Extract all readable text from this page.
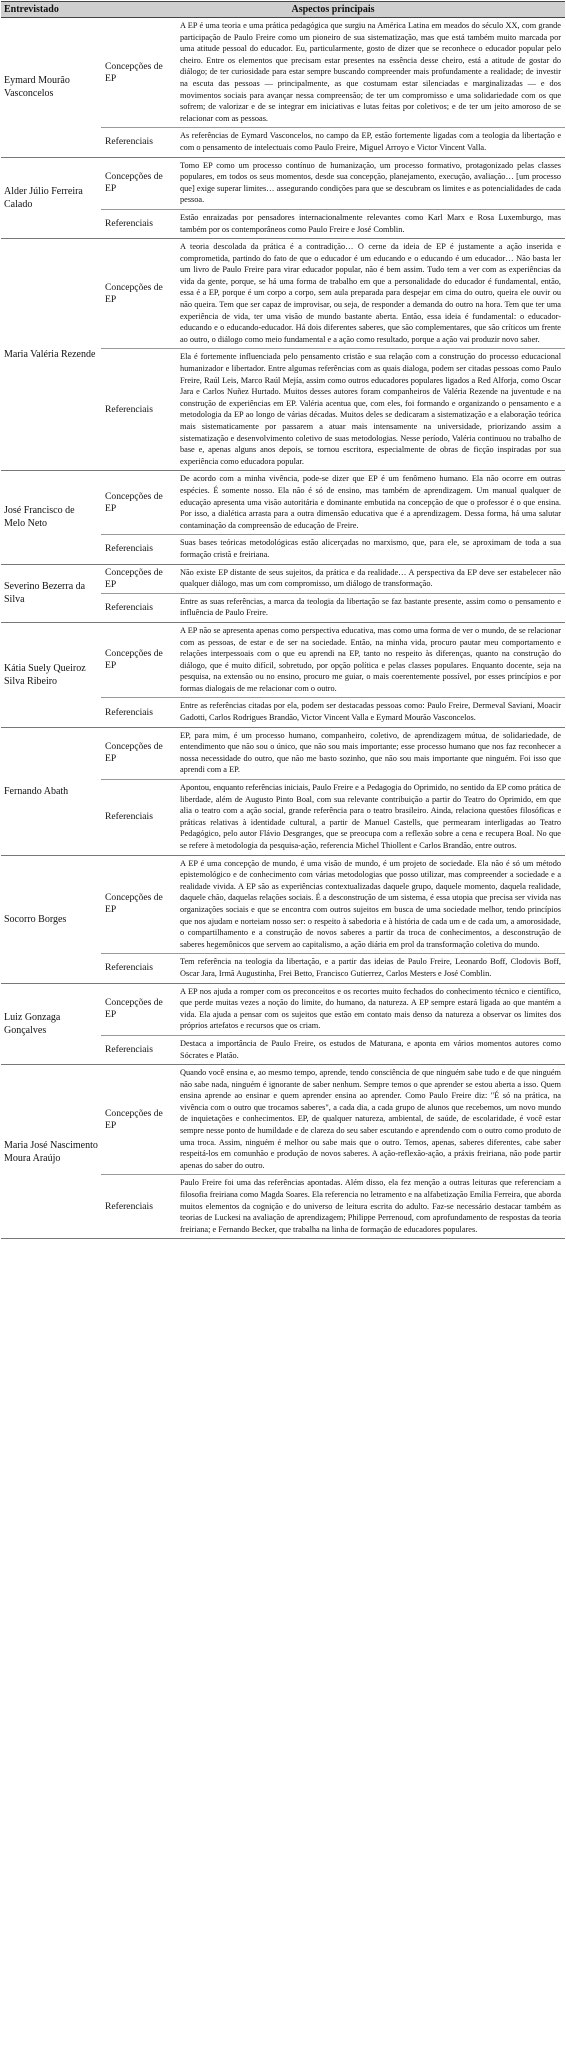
Entrevistado	Aspectos principais	
Eymard Mourão Vasconcelos	Concepções de EP	A EP é uma teoria e uma prática pedagógica que surgiu na América Latina em meados do século XX, com grande participação de Paulo Freire como um pioneiro de sua sistematização, mas que está também muito marcada por uma atitude pessoal do educador. Eu, particularmente, gosto de dizer que se reconhece o educador popular pelo cheiro. Entre os elementos que precisam estar presentes na essência desse cheiro, está a atitude de gostar do diálogo; de ter curiosidade para estar sempre buscando compreender mais profundamente a realidade; de investir na escuta das pessoas — principalmente, as que costumam estar silenciadas e marginalizadas — e dos movimentos sociais para avançar nessa compreensão; de ter um compromisso e uma solidariedade com os que sofrem; de valorizar e de se integrar em iniciativas e lutas feitas por coletivos; e de ter um jeito amoroso de se relacionar com as pessoas.
	Referenciais	As referências de Eymard Vasconcelos, no campo da EP, estão fortemente ligadas com a teologia da libertação e com o pensamento de intelectuais como Paulo Freire, Miguel Arroyo e Victor Vincent Valla.
Alder Júlio Ferreira Calado	Concepções de EP	Tomo EP como um processo contínuo de humanização, um processo formativo, protagonizado pelas classes populares, em todos os seus momentos, desde sua concepção, planejamento, execução, avaliação… [um processo que] exige superar limites… assegurando condições para que se descubram os limites e as potencialidades de cada pessoa.
	Referenciais	Estão enraizadas por pensadores internacionalmente relevantes como Karl Marx e Rosa Luxemburgo, mas também por os contemporâneos como Paulo Freire e José Comblin.
Maria Valéria Rezende	Concepções de EP	A teoria descolada da prática é a contradição… O cerne da ideia de EP é justamente a ação inserida e comprometida, partindo do fato de que o educador é um educando e o educando é um educador… Não basta ler um livro de Paulo Freire para virar educador popular, não é bem assim. Tudo tem a ver com as experiências da vida da gente, porque, se há uma forma de trabalho em que a personalidade do educador é fundamental, então, essa é a EP, porque é um corpo a corpo, sem aula preparada para despejar em cima do outro, queira ele ouvir ou não queira. Tem que ser capaz de improvisar, ou seja, de responder a demanda do outro na hora. Tem que ter uma experiência de vida, ter uma visão de mundo bastante aberta. Então, essa ideia é fundamental: o educador-educando e o educando-educador. Há dois diferentes saberes, que são complementares, que são críticos um frente ao outro, o diálogo como meio fundamental e a ação como resultado, porque a ação vai produzir novo saber.
	Referenciais	Ela é fortemente influenciada pelo pensamento cristão e sua relação com a construção do processo educacional humanizador e libertador. Entre algumas referências com as quais dialoga, podem ser citadas pessoas como Paulo Freire, Raúl Leis, Marco Raúl Mejía, assim como outros educadores populares ligados a Red Alforja, como Oscar Jara e Carlos Nuñez Hurtado. Muitos desses autores foram companheiros de Valéria Rezende na juventude e na construção de experiências em EP. Valéria acentua que, com eles, foi formando e organizando o pensamento e a metodologia da EP ao longo de várias décadas. Muitos deles se dedicaram a sistematização e a elaboração teórica mais sistematicamente por passarem a atuar mais intensamente na universidade, priorizando assim a sistematização e desenvolvimento coletivo de suas metodologias. Nesse período, Valéria continuou no trabalho de base e, apenas alguns anos depois, se tornou escritora, especialmente de obras de ficção inspiradas por sua experiência como educadora popular.
José Francisco de Melo Neto	Concepções de EP	De acordo com a minha vivência, pode-se dizer que EP é um fenômeno humano. Ela não ocorre em outras espécies. É somente nosso. Ela não é só de ensino, mas também de aprendizagem. Um manual qualquer de educação apresenta uma visão autoritária e dominante embutida na concepção de que o professor é o que ensina. Por isso, a dialética arrasta para a outra dimensão educativa que é a aprendizagem. Dessa forma, há uma salutar contaminação da compreensão de educação de Freire.
	Referenciais	Suas bases teóricas metodológicas estão alicerçadas no marxismo, que, para ele, se aproximam de toda a sua formação cristã e freiriana.
Severino Bezerra da Silva	Concepções de EP	Não existe EP distante de seus sujeitos, da prática e da realidade… A perspectiva da EP deve ser estabelecer não qualquer diálogo, mas um com compromisso, um diálogo de transformação.
	Referenciais	Entre as suas referências, a marca da teologia da libertação se faz bastante presente, assim como o pensamento e influência de Paulo Freire.
Kátia Suely Queiroz Silva Ribeiro	Concepções de EP	A EP não se apresenta apenas como perspectiva educativa, mas como uma forma de ver o mundo, de se relacionar com as pessoas, de estar e de ser na sociedade. Então, na minha vida, procuro pautar meu comportamento e relações interpessoais com o que eu aprendi na EP, tanto no respeito às diferenças, quanto na construção do diálogo, que é muito difícil, sobretudo, por opção política e pelas classes populares. Enquanto docente, seja na pesquisa, na extensão ou no ensino, procuro me guiar, o mais coerentemente possível, por esses princípios e por formas dialogais de me relacionar com o outro.
	Referenciais	Entre as referências citadas por ela, podem ser destacadas pessoas como: Paulo Freire, Dermeval Saviani, Moacir Gadotti, Carlos Rodrigues Brandão, Victor Vincent Valla e Eymard Mourão Vasconcelos.
Fernando Abath	Concepções de EP	EP, para mim, é um processo humano, companheiro, coletivo, de aprendizagem mútua, de solidariedade, de entendimento que não sou o único, que não sou mais importante; esse processo humano que nos faz reconhecer a nossa necessidade do outro, que não me basto sozinho, que não sou mais importante que ninguém. Foi isso que aprendi com a EP.
	Referenciais	Apontou, enquanto referências iniciais, Paulo Freire e a Pedagogia do Oprimido, no sentido da EP como prática de liberdade, além de Augusto Pinto Boal, com sua relevante contribuição a partir do Teatro do Oprimido, em que alia o teatro com a ação social, grande referência para o teatro brasileiro. Ainda, relaciona questões filosóficas e práticas relativas à identidade cultural, a partir de Manuel Castells, que permearam interligadas ao Teatro Pedagógico, pelo autor Flávio Desgranges, que se preocupa com a reflexão sobre a cena e recupera Boal. No que se refere à metodologia da pesquisa-ação, referencia Michel Thiollent e Carlos Brandão, entre outros.
Socorro Borges	Concepções de EP	A EP é uma concepção de mundo, é uma visão de mundo, é um projeto de sociedade. Ela não é só um método epistemológico e de conhecimento com várias metodologias que posso utilizar, mas compreender a sociedade e a realidade vivida. A EP são as experiências contextualizadas daquele grupo, daquele momento, daquela realidade, daquele chão, daquelas relações sociais. É a desconstrução de um sistema, é essa utopia que precisa ser vivida nas organizações sociais e que se encontra com outros sujeitos em busca de uma sociedade melhor, tendo princípios que nos ajudam e norteiam nosso ser: o respeito à sabedoria e à história de cada um e de cada um, a amorosidade, o compartilhamento e a construção de novos saberes a partir da troca de conhecimentos, a desconstrução de saberes hegemônicos que servem ao capitalismo, a ação diária em prol da transformação coletiva do mundo.
	Referenciais	Tem referência na teologia da libertação, e a partir das ideias de Paulo Freire, Leonardo Boff, Clodovis Boff, Oscar Jara, Irmã Augustinha, Frei Betto, Francisco Gutierrez, Carlos Mesters e José Comblin.
Luiz Gonzaga Gonçalves	Concepções de EP	A EP nos ajuda a romper com os preconceitos e os recortes muito fechados do conhecimento técnico e científico, que perde muitas vezes a noção do limite, do humano, da natureza. A EP sempre estará ligada ao que mantém a vida. Ela ajuda a pensar com os sujeitos que estão em contato mais denso da natureza a observar os limites dos próprios artefatos e recursos que os criam.
	Referenciais	Destaca a importância de Paulo Freire, os estudos de Maturana, e aponta em vários momentos autores como Sócrates e Platão.
Maria José Nascimento Moura Araújo	Concepções de EP	Quando você ensina e, ao mesmo tempo, aprende, tendo consciência de que ninguém sabe tudo e de que ninguém não sabe nada, ninguém é ignorante de saber nenhum. Sempre temos o que aprender se estou aberta a isso. Quem ensina aprende ao ensinar e quem aprender ensina ao aprender. Como Paulo Freire diz: "É só na prática, na vivência com o outro que trocamos saberes", a cada dia, a cada grupo de alunos que recebemos, um novo mundo de inquietações e conhecimentos. EP, de qualquer natureza, ambiental, de saúde, de escolaridade, é você estar sempre nesse ponto de humildade e de clareza do seu saber escutando e aprendendo com o outro como produto de uma troca. Assim, ninguém é melhor ou sabe mais que o outro. Temos, apenas, saberes diferentes, cabe saber respeitá-los em comunhão e produção de novos saberes. A ação-reflexão-ação, a práxis freiriana, não pode partir apenas do saber do outro.
	Referenciais	Paulo Freire foi uma das referências apontadas. Além disso, ela fez menção a outras leituras que referenciam a filosofia freiriana como Magda Soares. Ela referencia no letramento e na alfabetização Emília Ferreira, que aborda muitos elementos da cognição e do universo de leitura escrita do adulto. Faz-se necessário destacar também as teorias de Luckesi na avaliação de aprendizagem; Philippe Perrenoud, com aprofundamento de respostas da teoria freiriana; e Fernando Becker, que trabalha na linha de formação de educadores populares.
